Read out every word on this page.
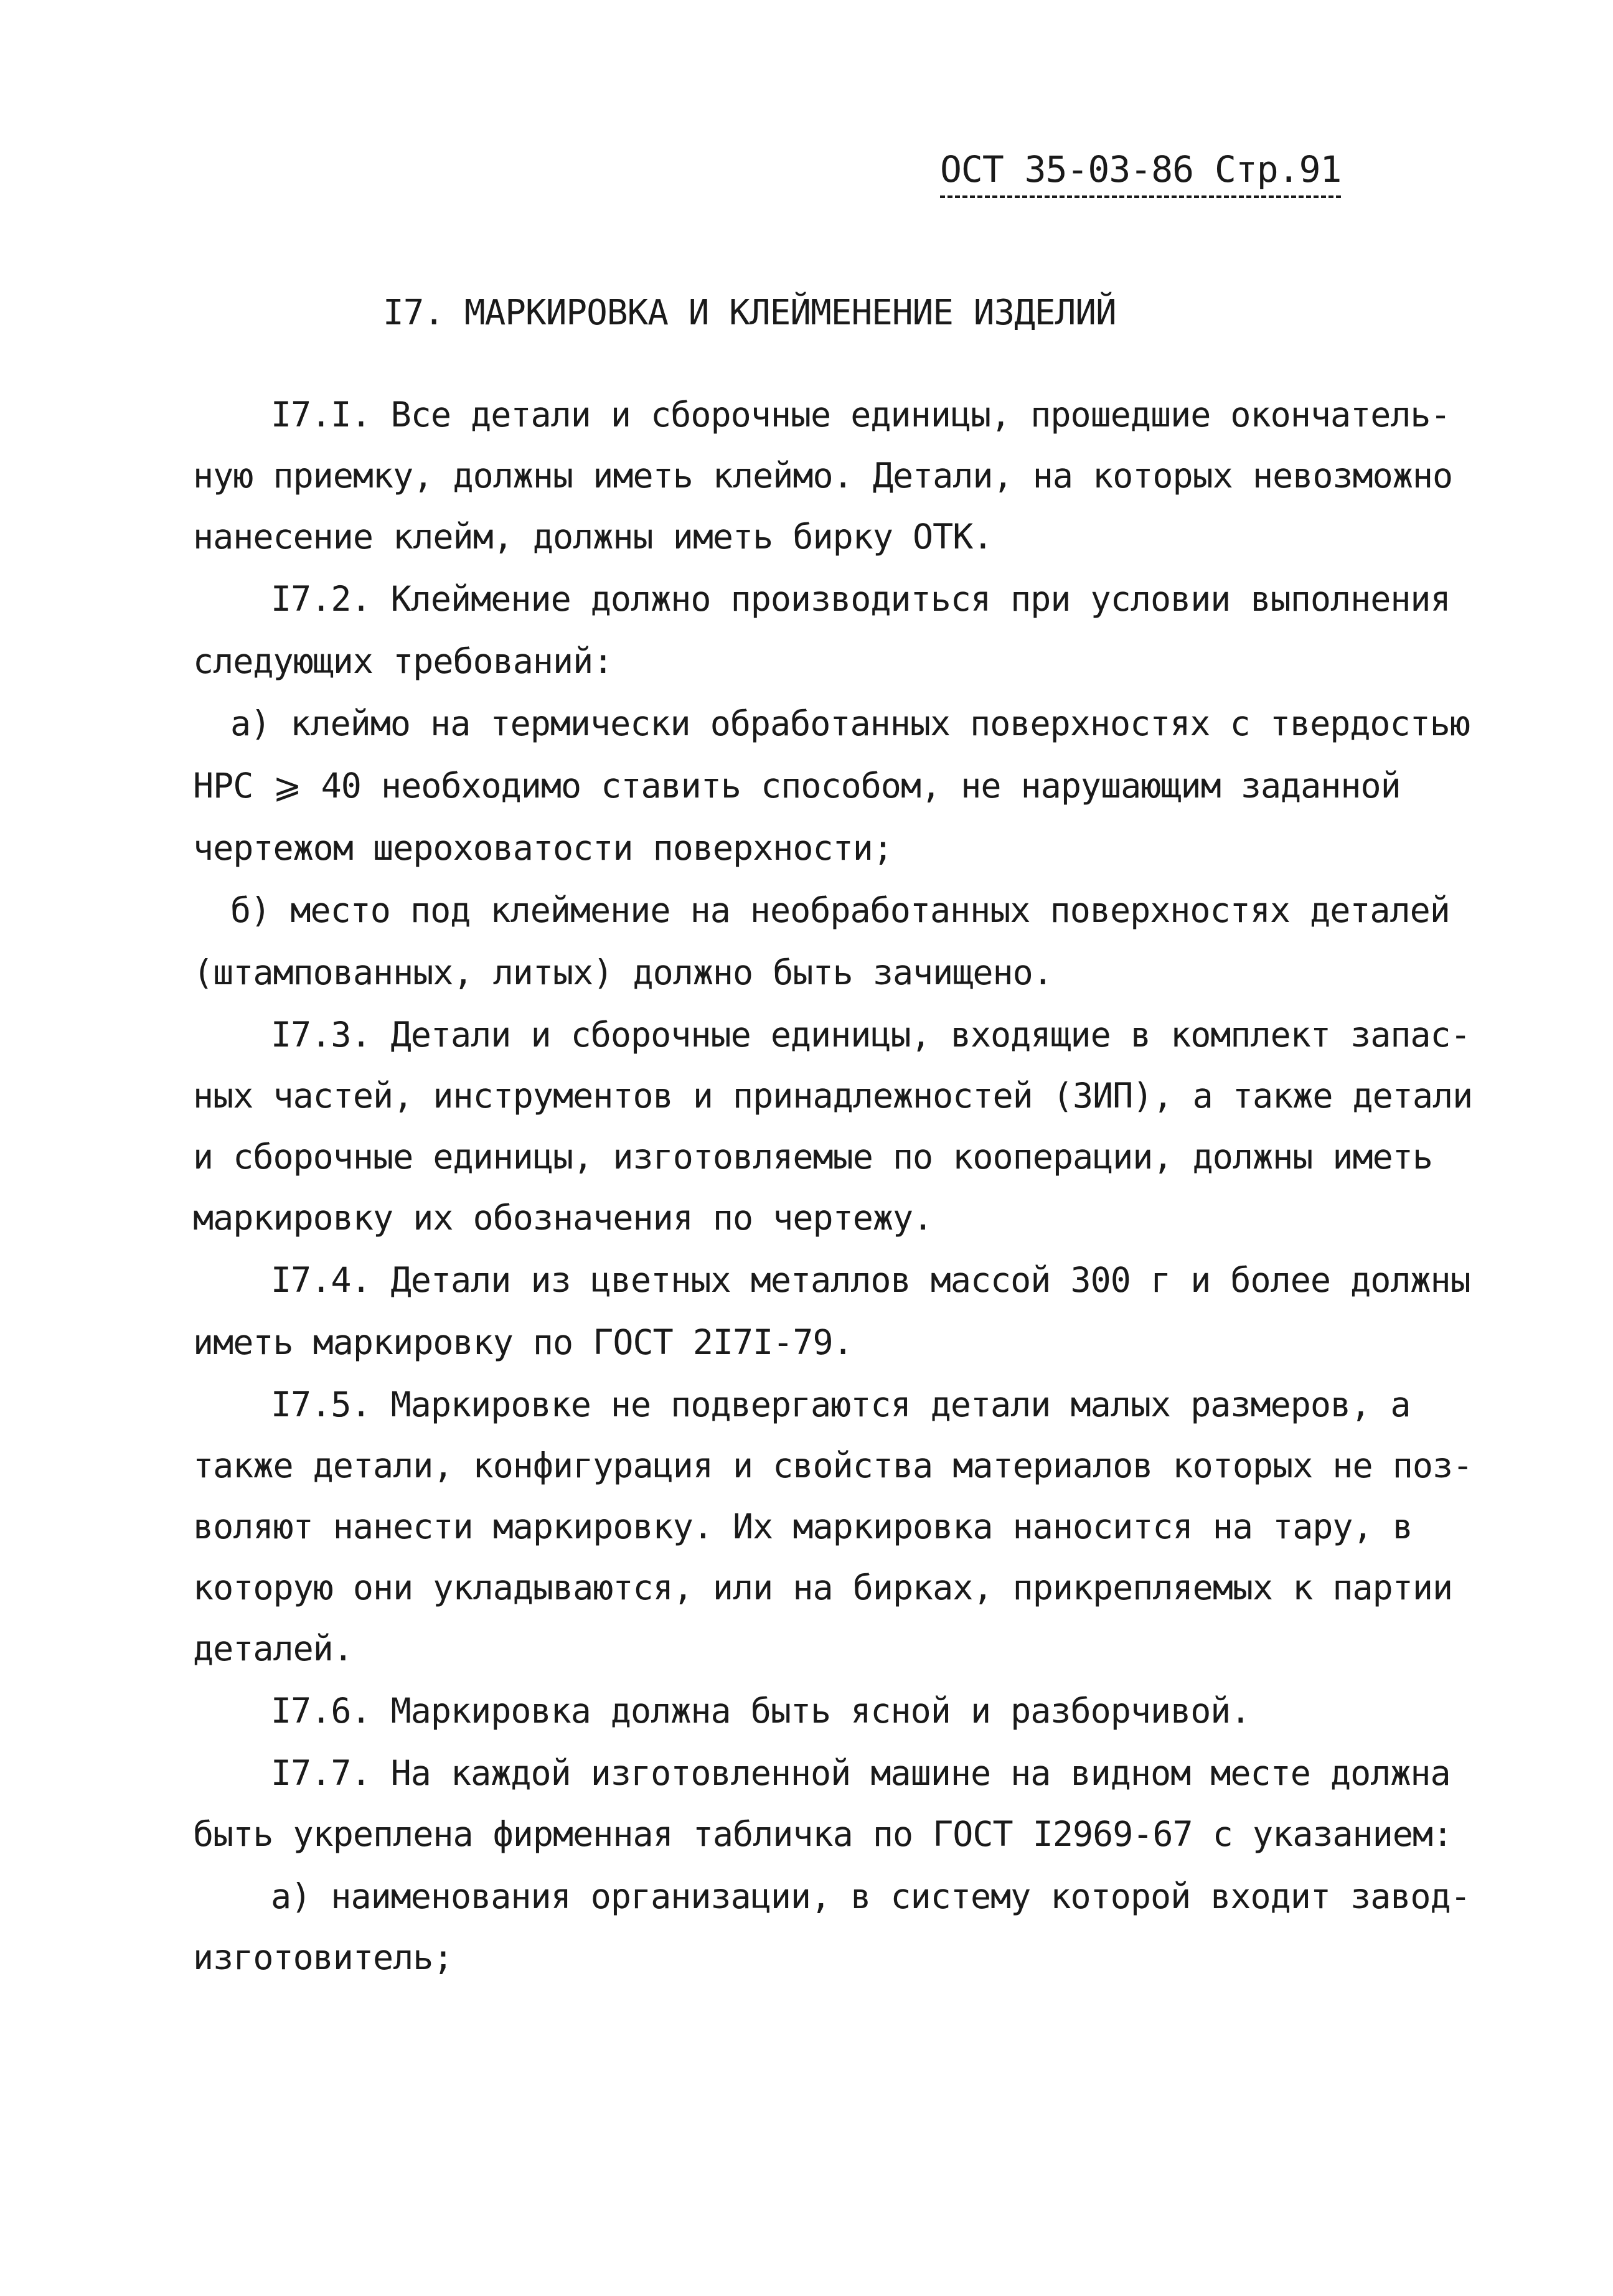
ОСТ 35-03-86 Стр.91
I7. МАРКИРОВКА И КЛЕЙМЕНЕНИЕ ИЗДЕЛИЙ
I7.I. Все детали и сборочные единицы, прошедшие окончатель-
ную приемку, должны иметь клеймо. Детали, на которых невозможно
нанесение клейм, должны иметь бирку ОТК.
I7.2. Клеймение должно производиться при условии выполнения
следующих требований:
а) клеймо на термически обработанных поверхностях с твердостью
HPC ⩾ 40 необходимо ставить способом, не нарушающим заданной
чертежом шероховатости поверхности;
б) место под клеймение на необработанных поверхностях деталей
(штампованных, литых) должно быть зачищено.
I7.3. Детали и сборочные единицы, входящие в комплект запас-
ных частей, инструментов и принадлежностей (ЗИП), а также детали
и сборочные единицы, изготовляемые по кооперации, должны иметь
маркировку их обозначения по чертежу.
I7.4. Детали из цветных металлов массой 300 г и более должны
иметь маркировку по ГОСТ 2I7I-79.
I7.5. Маркировке не подвергаются детали малых размеров, а
также детали, конфигурация и свойства материалов которых не поз-
воляют нанести маркировку. Их маркировка наносится на тару, в
которую они укладываются, или на бирках, прикрепляемых к партии
деталей.
I7.6. Маркировка должна быть ясной и разборчивой.
I7.7. На каждой изготовленной машине на видном месте должна
быть укреплена фирменная табличка по ГОСТ I2969-67 с указанием:
а) наименования организации, в систему которой входит завод-
изготовитель;
